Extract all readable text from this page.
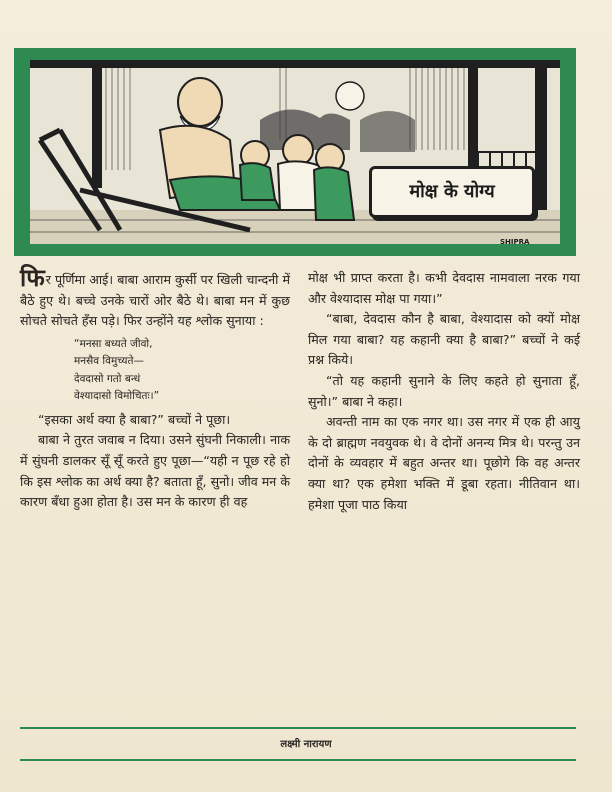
SHIPRA
मोक्ष के योग्य

फिर पूर्णिमा आई। बाबा आराम कुर्सी पर खिली चान्दनी में बैठे हुए थे। बच्चे उनके चारों ओर बैठे थे। बाबा मन में कुछ सोचते सोचते हँस पड़े। फिर उन्होंने यह श्लोक सुनाया :

“मनसा बध्यते जीवो,
मनसैव विमुच्यते—
देवदासो गतो बन्धं
वेश्यादासो विमोचितः।”

“इसका अर्थ क्या है बाबा?” बच्चों ने पूछा।

बाबा ने तुरत जवाब न दिया। उसने सुंघनी निकाली। नाक में सुंघनी डालकर सूँ सूँ करते हुए पूछा—“यही न पूछ रहे हो कि इस श्लोक का अर्थ क्या है? बताता हूँ, सुनो। जीव मन के कारण बँधा हुआ होता है। उस मन के कारण ही वह

मोक्ष भी प्राप्त करता है। कभी देवदास नामवाला नरक गया और वेश्यादास मोक्ष पा गया।”

“बाबा, देवदास कौन है बाबा, वेश्यादास को क्यों मोक्ष मिल गया बाबा? यह कहानी क्या है बाबा?” बच्चों ने कई प्रश्न किये।

“तो यह कहानी सुनाने के लिए कहते हो सुनाता हूँ, सुनो।” बाबा ने कहा।

अवन्ती नाम का एक नगर था। उस नगर में एक ही आयु के दो ब्राह्मण नवयुवक थे। वे दोनों अनन्य मित्र थे। परन्तु उन दोनों के व्यवहार में बहुत अन्तर था। पूछोगे कि वह अन्तर क्या था? एक हमेशा भक्ति में डूबा रहता। नीतिवान था। हमेशा पूजा पाठ किया

लक्ष्मी नारायण
